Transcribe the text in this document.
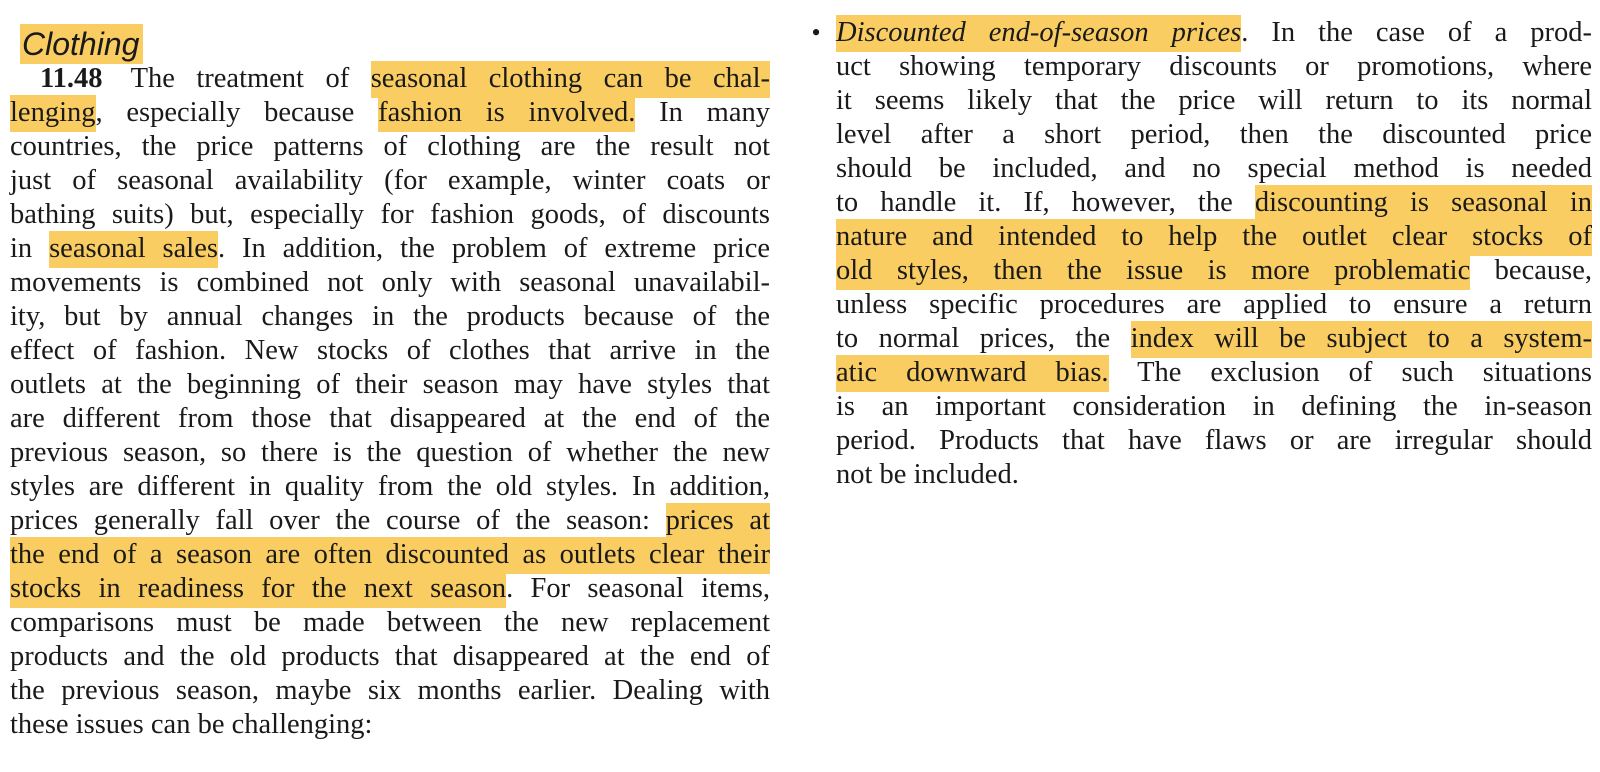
Clothing
11.48 The treatment of seasonal clothing can be chal-
lenging, especially because fashion is involved. In many
countries, the price patterns of clothing are the result not
just of seasonal availability (for example, winter coats or
bathing suits) but, especially for fashion goods, of discounts
in seasonal sales. In addition, the problem of extreme price
movements is combined not only with seasonal unavailabil-
ity, but by annual changes in the products because of the
effect of fashion. New stocks of clothes that arrive in the
outlets at the beginning of their season may have styles that
are different from those that disappeared at the end of the
previous season, so there is the question of whether the new
styles are different in quality from the old styles. In addition,
prices generally fall over the course of the season: prices at
the end of a season are often discounted as outlets clear their
stocks in readiness for the next season. For seasonal items,
comparisons must be made between the new replacement
products and the old products that disappeared at the end of
the previous season, maybe six months earlier. Dealing with
these issues can be challenging:
• Discounted end-of-season prices. In the case of a prod-
uct showing temporary discounts or promotions, where
it seems likely that the price will return to its normal
level after a short period, then the discounted price
should be included, and no special method is needed
to handle it. If, however, the discounting is seasonal in
nature and intended to help the outlet clear stocks of
old styles, then the issue is more problematic because,
unless specific procedures are applied to ensure a return
to normal prices, the index will be subject to a system-
atic downward bias. The exclusion of such situations
is an important consideration in defining the in-season
period. Products that have flaws or are irregular should
not be included.
